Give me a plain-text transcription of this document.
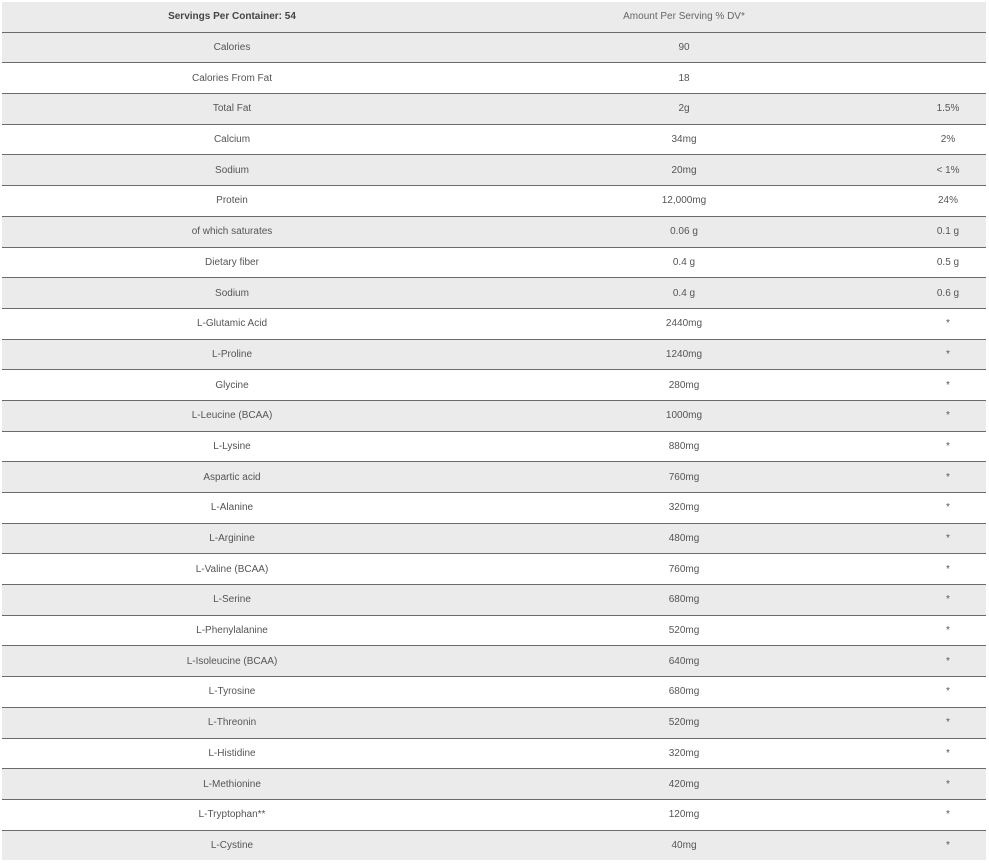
Servings Per Container: 54	Amount Per Serving % DV*	
Calories	90	
Calories From Fat	18	
Total Fat	2g	1.5%
Calcium	34mg	2%
Sodium	20mg	< 1%
Protein	12,000mg	24%
of which saturates	0.06 g	0.1 g
Dietary fiber	0.4 g	0.5 g
Sodium	0.4 g	0.6 g
L-Glutamic Acid	2440mg	*
L-Proline	1240mg	*
Glycine	280mg	*
L-Leucine (BCAA)	1000mg	*
L-Lysine	880mg	*
Aspartic acid	760mg	*
L-Alanine	320mg	*
L-Arginine	480mg	*
L-Valine (BCAA)	760mg	*
L-Serine	680mg	*
L-Phenylalanine	520mg	*
L-Isoleucine (BCAA)	640mg	*
L-Tyrosine	680mg	*
L-Threonin	520mg	*
L-Histidine	320mg	*
L-Methionine	420mg	*
L-Tryptophan**	120mg	*
L-Cystine	40mg	*
